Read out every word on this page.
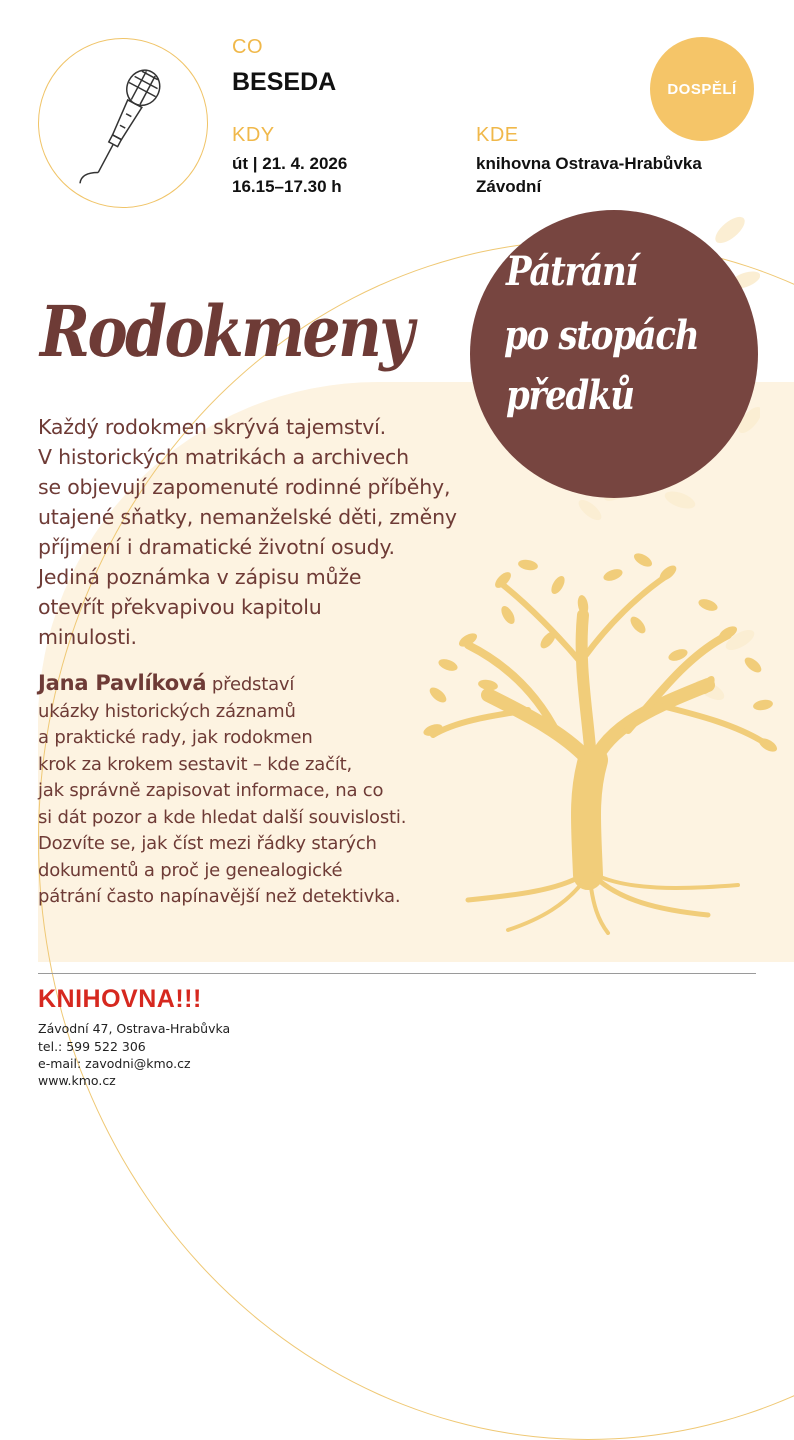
CO
BESEDA
KDY
út | 21. 4. 2026
16.15–17.30 h
KDE
knihovna Ostrava-Hrabůvka
Závodní
DOSPĚLÍ
Rodokmeny
Pátrání
po stopách
předků
Každý rodokmen skrývá tajemství.
V historických matrikách a archivech
se objevují zapomenuté rodinné příběhy,
utajené sňatky, nemanželské děti, změny
příjmení i dramatické životní osudy.
Jediná poznámka v zápisu může
otevřít překvapivou kapitolu
minulosti.
Jana Pavlíková představí
ukázky historických záznamů
a praktické rady, jak rodokmen
krok za krokem sestavit – kde začít,
jak správně zapisovat informace, na co
si dát pozor a kde hledat další souvislosti.
Dozvíte se, jak číst mezi řádky starých
dokumentů a proč je genealogické
pátrání často napínavější než detektivka.
KNIHOVNA!!!
Závodní 47, Ostrava-Hrabůvka
tel.: 599 522 306
e-mail: zavodni@kmo.cz
www.kmo.cz
